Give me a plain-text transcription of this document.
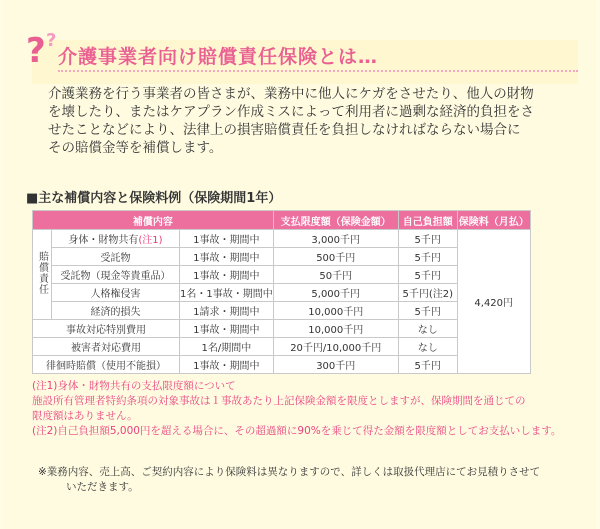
? ?
介護事業者向け賠償責任保険とは…
介護業務を行う事業者の皆さまが、業務中に他人にケガをさせたり、他人の財物
を壊したり、またはケアプラン作成ミスによって利用者に過剰な経済的負担をさ
せたことなどにより、法律上の損害賠償責任を負担しなければならない場合に
その賠償金等を補償します。
■主な補償内容と保険料例（保険期間1年）
補償内容			支払限度額（保険金額）	自己負担額	保険料（月払）
賠償責任	身体・財物共有(注1)	1事故・期間中	3,000千円	5千円	4,420円
	受託物	1事故・期間中	500千円	5千円	
	受託物（現金等貴重品）	1事故・期間中	50千円	5千円	
	人格権侵害	1名・1事故・期間中	5,000千円	5千円(注2)	
	経済的損失	1請求・期間中	10,000千円	5千円	
事故対応特別費用		1事故・期間中	10,000千円	なし	
被害者対応費用		1名/期間中	20千円/10,000千円	なし	
徘徊時賠償（使用不能損）		1事故・期間中	300千円	5千円	
(注1)身体・財物共有の支払限度額について
施設所有管理者特約条項の対象事故は１事故あたり上記保険金額を限度としますが、保険期間を通じての
限度額はありません。
(注2)自己負担額5,000円を超える場合に、その超過額に90%を乗じて得た金額を限度額としてお支払いします。
※業務内容、売上高、ご契約内容により保険料は異なりますので、詳しくは取扱代理店にてお見積りさせて
いただきます。
